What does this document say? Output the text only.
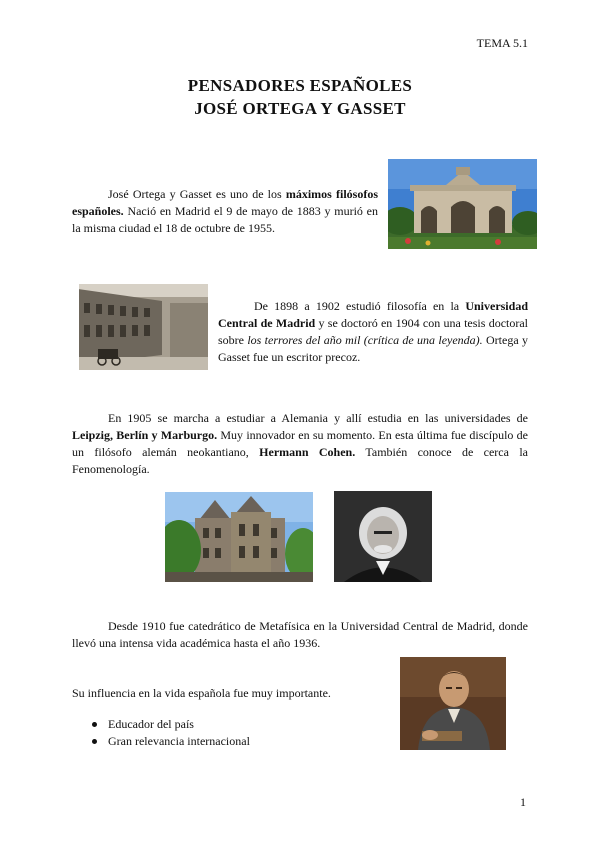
TEMA 5.1
PENSADORES ESPAÑOLES
JOSÉ ORTEGA Y GASSET
José Ortega y Gasset es uno de los máximos filósofos españoles. Nació en Madrid el 9 de mayo de 1883 y murió en la misma ciudad el 18 de octubre de 1955.
De 1898 a 1902 estudió filosofía en la Universidad Central de Madrid y se doctoró en 1904 con una tesis doctoral sobre los terrores del año mil (crítica de una leyenda). Ortega y Gasset fue un escritor precoz.
En 1905 se marcha a estudiar a Alemania y allí estudia en las universidades de Leipzig, Berlín y Marburgo. Muy innovador en su momento. En esta última fue discípulo de un filósofo alemán neokantiano, Hermann Cohen. También conoce de cerca la Fenomenología.
Desde 1910 fue catedrático de Metafísica en la Universidad Central de Madrid, donde llevó una intensa vida académica hasta el año 1936.
Su influencia en la vida española fue muy importante.
Educador del país
Gran relevancia internacional
1
